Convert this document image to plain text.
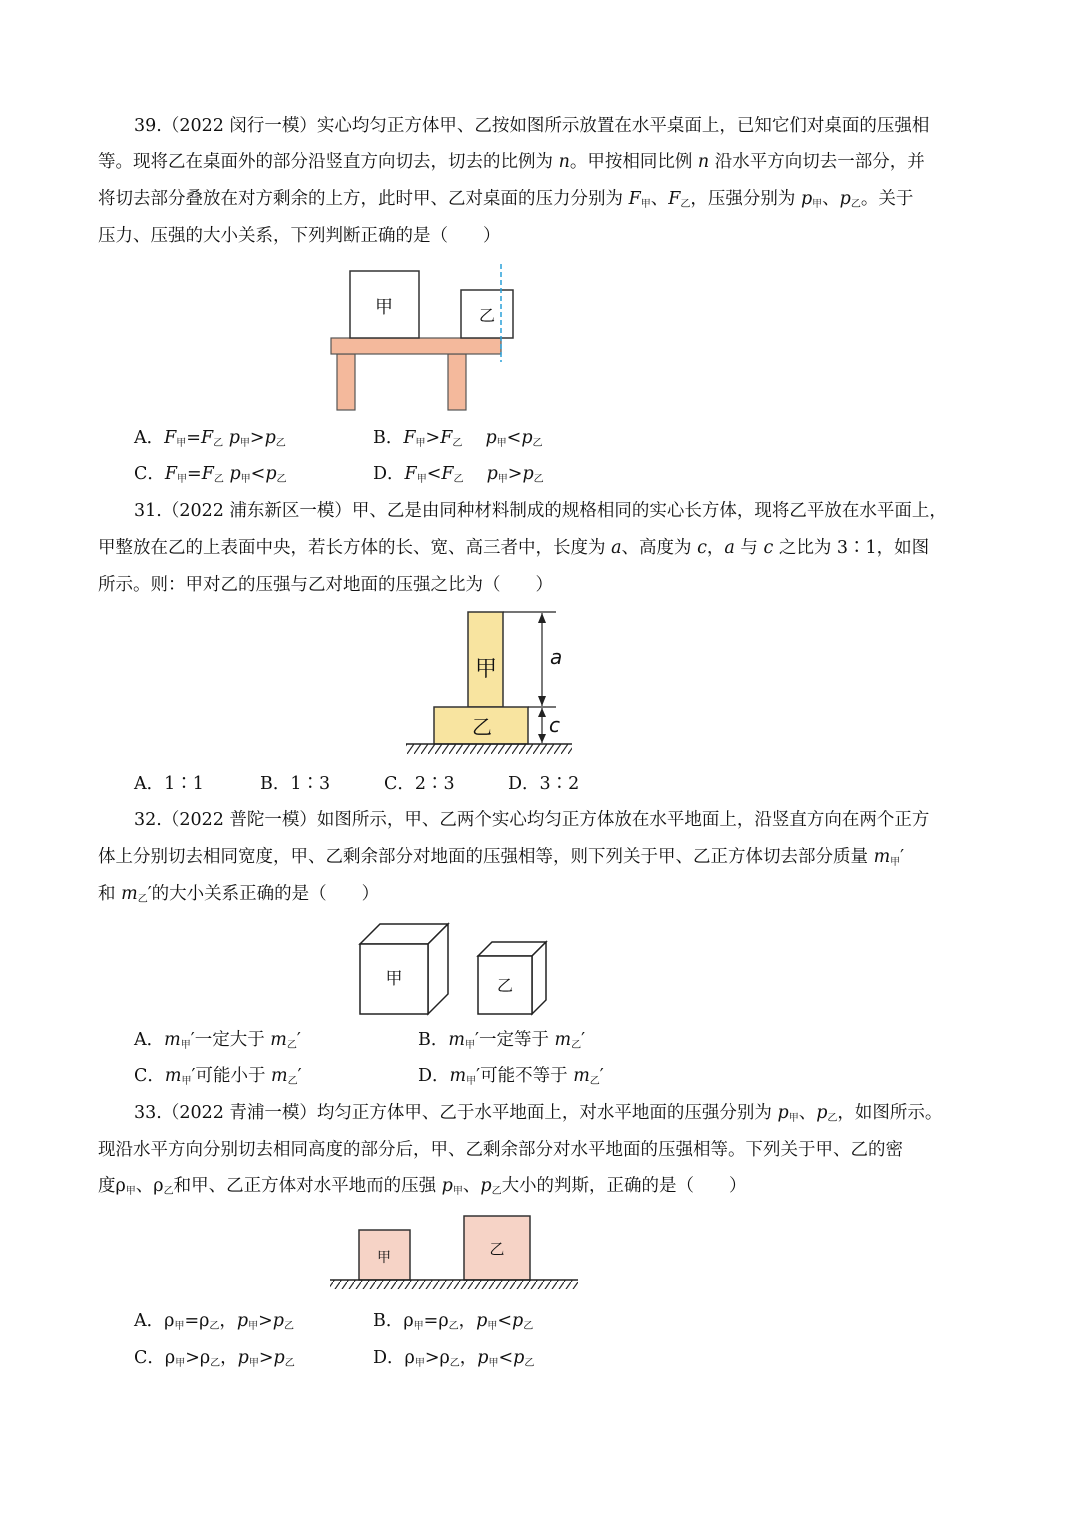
39.（2022 闵行一模）实心均匀正方体甲、乙按如图所示放置在水平桌面上，已知它们对桌面的压强相
等。现将乙在桌面外的部分沿竖直方向切去，切去的比例为 n。甲按相同比例 n 沿水平方向切去一部分，并
将切去部分叠放在对方剩余的上方，此时甲、乙对桌面的压力分别为 $F_甲$、$F_乙$，压强分别为 $p_甲$、$p_乙$。关于
压力、压强的大小关系，下列判断正确的是（　　）
甲	乙
A．$F_甲=F_乙$ $p_甲>p_乙$	B．$F_甲>F_乙$　 $p_甲<p_乙$
C．$F_甲=F_乙$ $p_甲<p_乙$	D．$F_甲<F_乙$　 $p_甲>p_乙$
31.（2022 浦东新区一模）甲、乙是由同种材料制成的规格相同的实心长方体，现将乙平放在水平面上，
甲整放在乙的上表面中央，若长方体的长、宽、高三者中，长度为 a、高度为 c，a 与 c 之比为 3∶1，如图
所示。则：甲对乙的压强与乙对地面的压强之比为（　　）
甲
乙
a
c
A．1∶1	B．1∶3	C．2∶3	D．3∶2
32.（2022 普陀一模）如图所示，甲、乙两个实心均匀正方体放在水平地面上，沿竖直方向在两个正方
体上分别切去相同宽度，甲、乙剩余部分对地面的压强相等，则下列关于甲、乙正方体切去部分质量 $m_甲'$
和 $m_乙'$的大小关系正确的是（　　）
甲	乙
A．$m_甲'$一定大于 $m_乙'$	B．$m_甲'$一定等于 $m_乙'$
C．$m_甲'$可能小于 $m_乙'$	D．$m_甲'$可能不等于 $m_乙'$
33.（2022 青浦一模）均匀正方体甲、乙于水平地面上，对水平地面的压强分别为 $p_甲$、$p_乙$，如图所示。
现沿水平方向分别切去相同高度的部分后，甲、乙剩余部分对水平地面的压强相等。下列关于甲、乙的密
度$\rho_甲$、$\rho_乙$和甲、乙正方体对水平地而的压强 $p_甲$、$p_乙$大小的判斯，正确的是（　　）
甲	乙
A．$\rho_甲=\rho_乙$，$p_甲>p_乙$	B．$\rho_甲=\rho_乙$，$p_甲<p_乙$
C．$\rho_甲>\rho_乙$，$p_甲>p_乙$	D．$\rho_甲>\rho_乙$，$p_甲<p_乙$
